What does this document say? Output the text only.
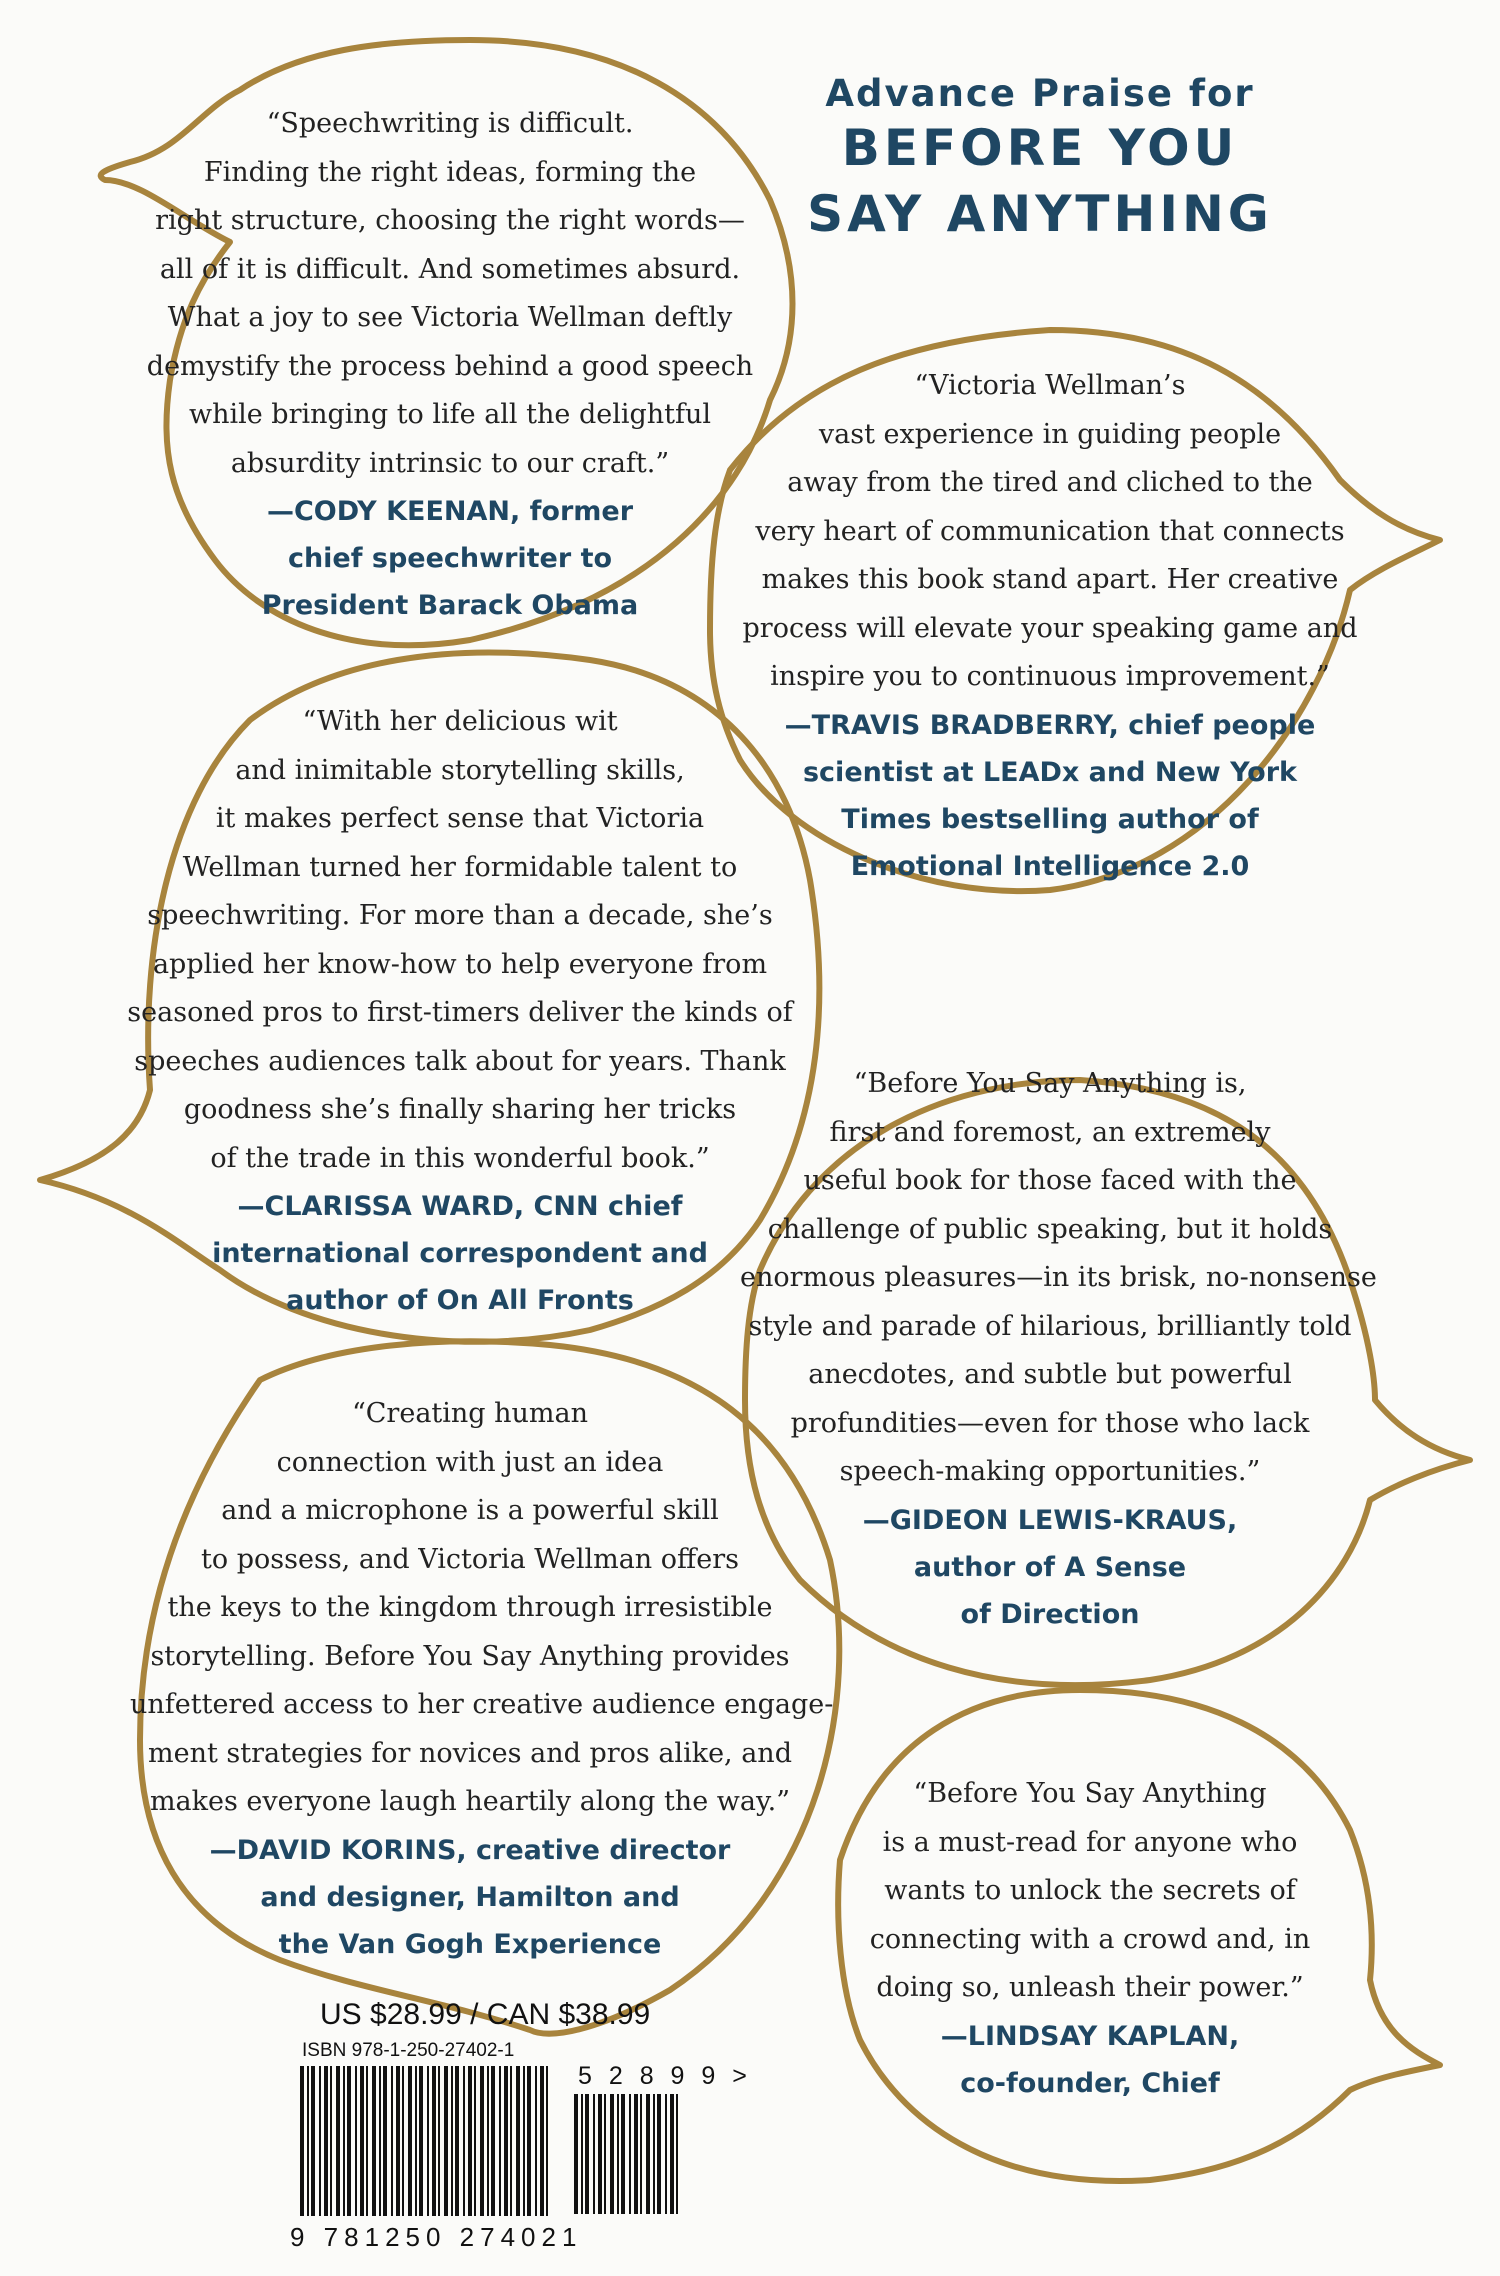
Advance Praise for
BEFORE YOU
SAY ANYTHING
“Speechwriting is difficult.
Finding the right ideas, forming the
right structure, choosing the right words—
all of it is difficult. And sometimes absurd.
What a joy to see Victoria Wellman deftly
demystify the process behind a good speech
while bringing to life all the delightful
absurdity intrinsic to our craft.”
—CODY KEENAN, former
chief speechwriter to
President Barack Obama
“Victoria Wellman’s
vast experience in guiding people
away from the tired and cliched to the
very heart of communication that connects
makes this book stand apart. Her creative
process will elevate your speaking game and
inspire you to continuous improvement.”
—TRAVIS BRADBERRY, chief people
scientist at LEADx and New York
Times bestselling author of
Emotional Intelligence 2.0
“With her delicious wit
and inimitable storytelling skills,
it makes perfect sense that Victoria
Wellman turned her formidable talent to
speechwriting. For more than a decade, she’s
applied her know-how to help everyone from
seasoned pros to first-timers deliver the kinds of
speeches audiences talk about for years. Thank
goodness she’s finally sharing her tricks
of the trade in this wonderful book.”
—CLARISSA WARD, CNN chief
international correspondent and
author of On All Fronts
“Before You Say Anything is,
first and foremost, an extremely
useful book for those faced with the
challenge of public speaking, but it holds
enormous pleasures—in its brisk, no-nonsense
style and parade of hilarious, brilliantly told
anecdotes, and subtle but powerful
profundities—even for those who lack
speech-making opportunities.”
—GIDEON LEWIS-KRAUS,
author of A Sense
of Direction
“Creating human
connection with just an idea
and a microphone is a powerful skill
to possess, and Victoria Wellman offers
the keys to the kingdom through irresistible
storytelling. Before You Say Anything provides
unfettered access to her creative audience engage-
ment strategies for novices and pros alike, and
makes everyone laugh heartily along the way.”
—DAVID KORINS, creative director
and designer, Hamilton and
the Van Gogh Experience
“Before You Say Anything
is a must-read for anyone who
wants to unlock the secrets of
connecting with a crowd and, in
doing so, unleash their power.”
—LINDSAY KAPLAN,
co-founder, Chief
US $28.99 / CAN $38.99
ISBN 978-1-250-27402-1
9 781250 274021
5 2 8 9 9 >
